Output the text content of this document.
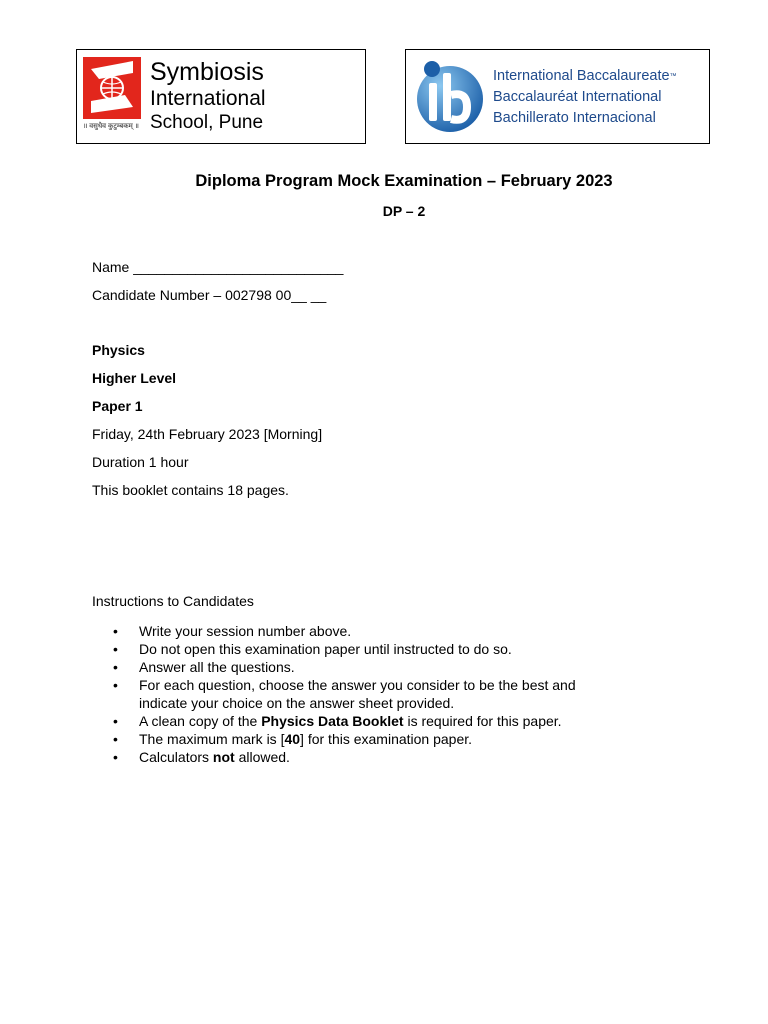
॥ वसुधैव कुटुम्बकम् ॥
Symbiosis
International
School, Pune
International Baccalaureate™
Baccalauréat International
Bachillerato Internacional
Diploma Program Mock Examination – February 2023
DP – 2
Name ___________________________
Candidate Number – 002798 00__ __
Physics
Higher Level
Paper 1
Friday, 24th February 2023 [Morning]
Duration 1 hour
This booklet contains 18 pages.
Instructions to Candidates
• Write your session number above.
• Do not open this examination paper until instructed to do so.
• Answer all the questions.
• For each question, choose the answer you consider to be the best and
indicate your choice on the answer sheet provided.
• A clean copy of the Physics Data Booklet is required for this paper.
• The maximum mark is [40] for this examination paper.
• Calculators not allowed.
